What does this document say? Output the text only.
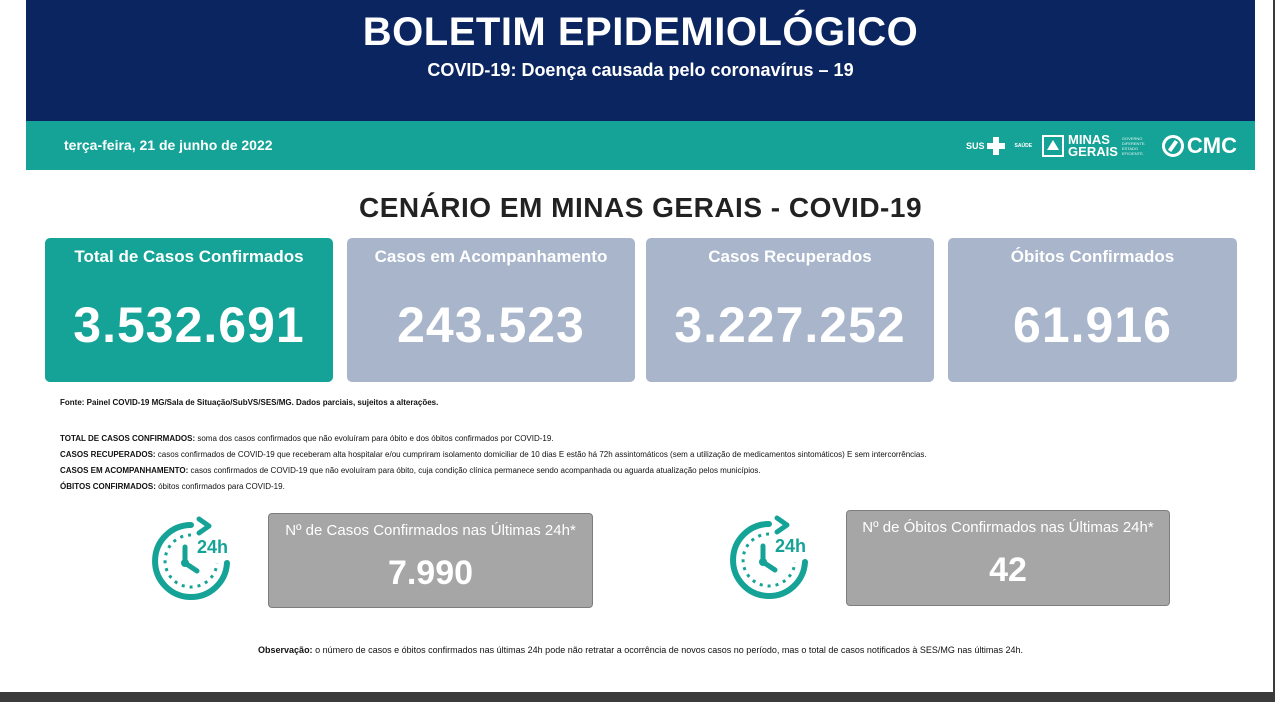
BOLETIM EPIDEMIOLÓGICO
COVID-19: Doença causada pelo coronavírus – 19
terça-feira, 21 de junho de 2022	SUS	SAÚDE	MINAS
GERAIS
GOVERNO DIFERENTE. ESTADO EFICIENTE.	CMC
CENÁRIO EM MINAS GERAIS - COVID-19
Total de Casos Confirmados
3.532.691
Casos em Acompanhamento
243.523
Casos Recuperados
3.227.252
Óbitos Confirmados
61.916
Fonte: Painel COVID-19 MG/Sala de Situação/SubVS/SES/MG. Dados parciais, sujeitos a alterações.
TOTAL DE CASOS CONFIRMADOS: soma dos casos confirmados que não evoluíram para óbito e dos óbitos confirmados por COVID-19.
CASOS RECUPERADOS: casos confirmados de COVID-19 que receberam alta hospitalar e/ou cumpriram isolamento domiciliar de 10 dias E estão há 72h assintomáticos (sem a utilização de medicamentos sintomáticos) E sem intercorrências.
CASOS EM ACOMPANHAMENTO: casos confirmados de COVID-19 que não evoluíram para óbito, cuja condição clínica permanece sendo acompanhada ou aguarda atualização pelos municípios.
ÓBITOS CONFIRMADOS: óbitos confirmados para COVID-19.
24h
Nº de Casos Confirmados nas Últimas 24h*
7.990
24h
Nº de Óbitos Confirmados nas Últimas 24h*
42
Observação: o número de casos e óbitos confirmados nas últimas 24h pode não retratar a ocorrência de novos casos no período, mas o total de casos notificados à SES/MG nas últimas 24h.
